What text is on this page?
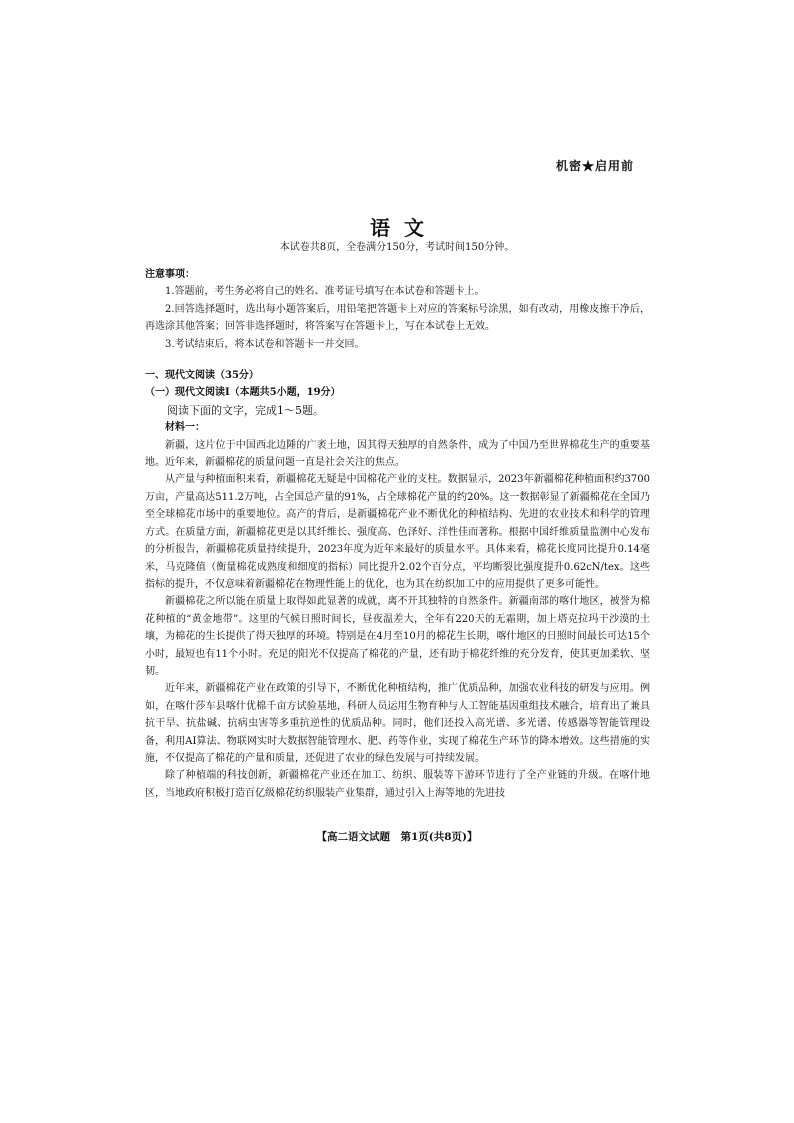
机密★启用前
语文
本试卷共8页，全卷满分150分，考试时间150分钟。
注意事项：

1.答题前，考生务必将自己的姓名、准考证号填写在本试卷和答题卡上。

2.回答选择题时，选出每小题答案后，用铅笔把答题卡上对应的答案标号涂黑，如有改动，用橡皮擦干净后，再选涂其他答案；回答非选择题时，将答案写在答题卡上，写在本试卷上无效。

3.考试结束后，将本试卷和答题卡一并交回。

一、现代文阅读（35分）

（一）现代文阅读Ⅰ（本题共5小题，19分）

阅读下面的文字，完成1～5题。

材料一：

新疆，这片位于中国西北边陲的广袤土地，因其得天独厚的自然条件，成为了中国乃至世界棉花生产的重要基地。近年来，新疆棉花的质量问题一直是社会关注的焦点。

从产量与种植面积来看，新疆棉花无疑是中国棉花产业的支柱。数据显示，2023年新疆棉花种植面积约3700万亩，产量高达511.2万吨，占全国总产量的91%，占全球棉花产量的约20%。这一数据彰显了新疆棉花在全国乃至全球棉花市场中的重要地位。高产的背后，是新疆棉花产业不断优化的种植结构、先进的农业技术和科学的管理方式。在质量方面，新疆棉花更是以其纤维长、强度高、色泽好、洋性佳而著称。根据中国纤维质量监测中心发布的分析报告，新疆棉花质量持续提升，2023年度为近年来最好的质量水平。具体来看，棉花长度同比提升0.14毫米，马克隆值（衡量棉花成熟度和细度的指标）同比提升2.02个百分点，平均断裂比强度提升0.62cN/tex。这些指标的提升，不仅意味着新疆棉花在物理性能上的优化，也为其在纺织加工中的应用提供了更多可能性。

新疆棉花之所以能在质量上取得如此显著的成就，离不开其独特的自然条件。新疆南部的喀什地区，被誉为棉花种植的“黄金地带”。这里的气候日照时间长，昼夜温差大，全年有220天的无霜期，加上塔克拉玛干沙漠的土壤，为棉花的生长提供了得天独厚的环境。特别是在4月至10月的棉花生长期，喀什地区的日照时间最长可达15个小时，最短也有11个小时。充足的阳光不仅提高了棉花的产量，还有助于棉花纤维的充分发育，使其更加柔软、坚韧。

近年来，新疆棉花产业在政策的引导下，不断优化种植结构，推广优质品种，加强农业科技的研发与应用。例如，在喀什莎车县喀什优棉千亩方试验基地，科研人员运用生物育种与人工智能基因重组技术融合，培育出了兼具抗干旱、抗盐碱、抗病虫害等多重抗逆性的优质品种。同时，他们还投入高光谱、多光谱、传感器等智能管理设备，利用AI算法、物联网实时大数据智能管理水、肥、药等作业，实现了棉花生产环节的降本增效。这些措施的实施，不仅提高了棉花的产量和质量，还促进了农业的绿色发展与可持续发展。

除了种植端的科技创新，新疆棉花产业还在加工、纺织、服装等下游环节进行了全产业链的升级。在喀什地区，当地政府积极打造百亿级棉花纺织服装产业集群，通过引入上海等地的先进技

【高二语文试题　第1页(共8页)】
